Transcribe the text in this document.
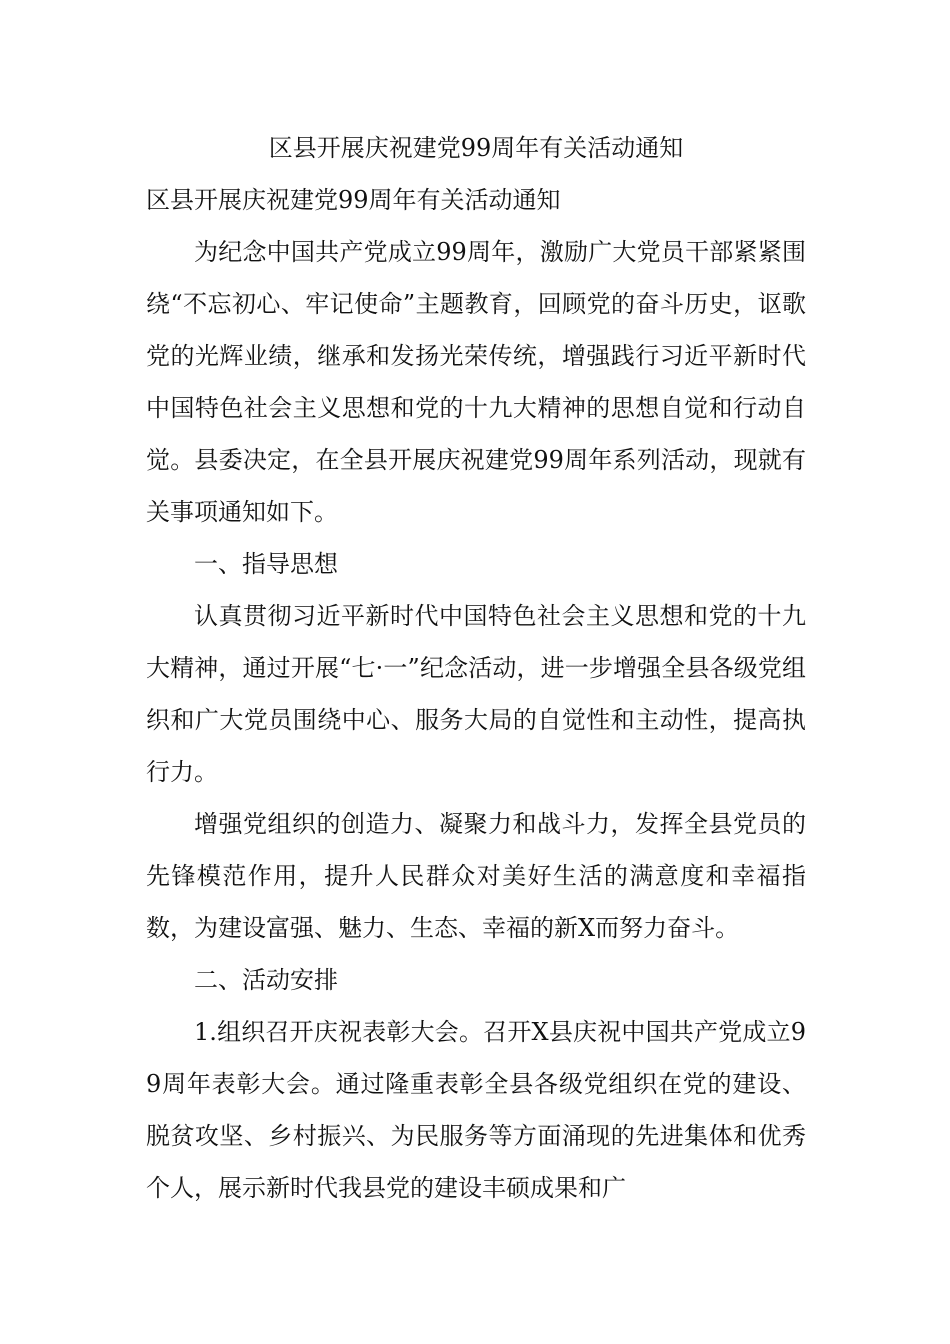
区县开展庆祝建党99周年有关活动通知

区县开展庆祝建党99周年有关活动通知

为纪念中国共产党成立99周年，激励广大党员干部紧紧围绕“不忘初心、牢记使命”主题教育，回顾党的奋斗历史，讴歌党的光辉业绩，继承和发扬光荣传统，增强践行习近平新时代中国特色社会主义思想和党的十九大精神的思想自觉和行动自觉。县委决定，在全县开展庆祝建党99周年系列活动，现就有关事项通知如下。

一、指导思想

认真贯彻习近平新时代中国特色社会主义思想和党的十九大精神，通过开展“七·一”纪念活动，进一步增强全县各级党组织和广大党员围绕中心、服务大局的自觉性和主动性，提高执行力。

增强党组织的创造力、凝聚力和战斗力，发挥全县党员的先锋模范作用，提升人民群众对美好生活的满意度和幸福指数，为建设富强、魅力、生态、幸福的新X而努力奋斗。

二、活动安排

1.组织召开庆祝表彰大会。召开X县庆祝中国共产党成立99周年表彰大会。通过隆重表彰全县各级党组织在党的建设、脱贫攻坚、乡村振兴、为民服务等方面涌现的先进集体和优秀个人，展示新时代我县党的建设丰硕成果和广
